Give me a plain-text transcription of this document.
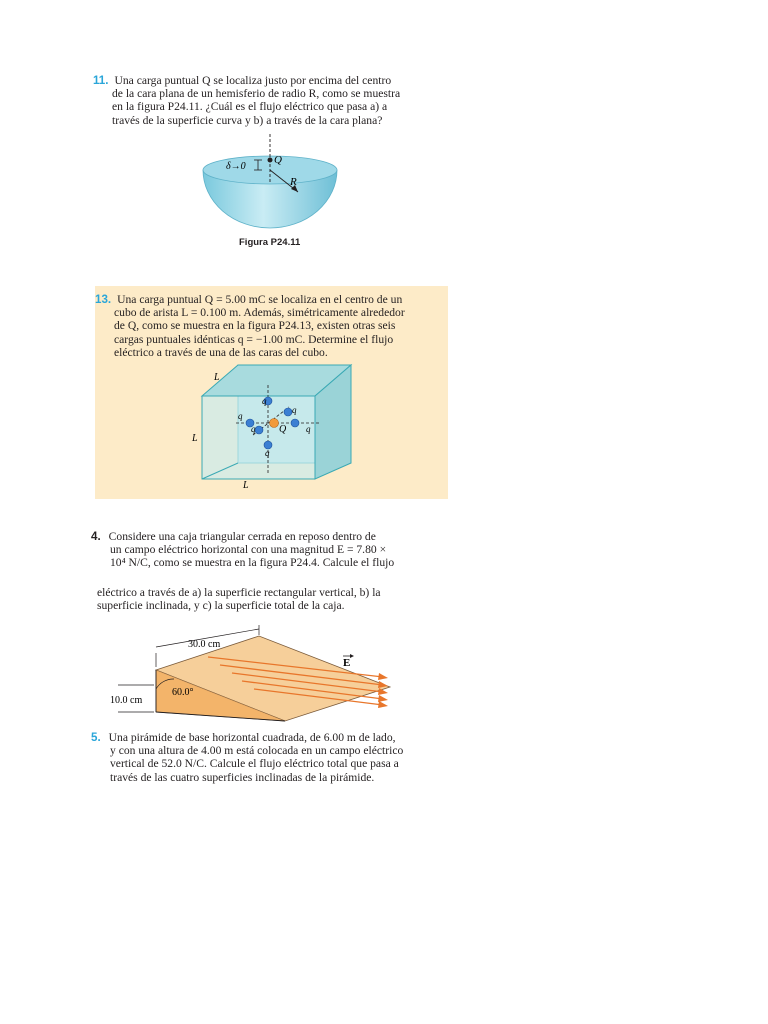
11. Una carga puntual Q se localiza justo por encima del centro
de la cara plana de un hemisferio de radio R, como se muestra
en la figura P24.11. ¿Cuál es el flujo eléctrico que pasa a) a
través de la superficie curva y b) a través de la cara plana?
δ→0
Q
R
Figura P24.11
13. Una carga puntual Q = 5.00 mC se localiza en el centro de un
cubo de arista L = 0.100 m. Además, simétricamente alrededor
de Q, como se muestra en la figura P24.13, existen otras seis
cargas puntuales idénticas q = −1.00 mC. Determine el flujo
eléctrico a través de una de las caras del cubo.
L
L
L
q
q
q
q
q
q Q
4. Considere una caja triangular cerrada en reposo dentro de
un campo eléctrico horizontal con una magnitud E = 7.80 ×
10⁴ N/C, como se muestra en la figura P24.4. Calcule el flujo
eléctrico a través de a) la superficie rectangular vertical, b) la
superficie inclinada, y c) la superficie total de la caja.
30.0 cm
10.0 cm
60.0°
E
5. Una pirámide de base horizontal cuadrada, de 6.00 m de lado,
y con una altura de 4.00 m está colocada en un campo eléctrico
vertical de 52.0 N/C. Calcule el flujo eléctrico total que pasa a
través de las cuatro superficies inclinadas de la pirámide.
